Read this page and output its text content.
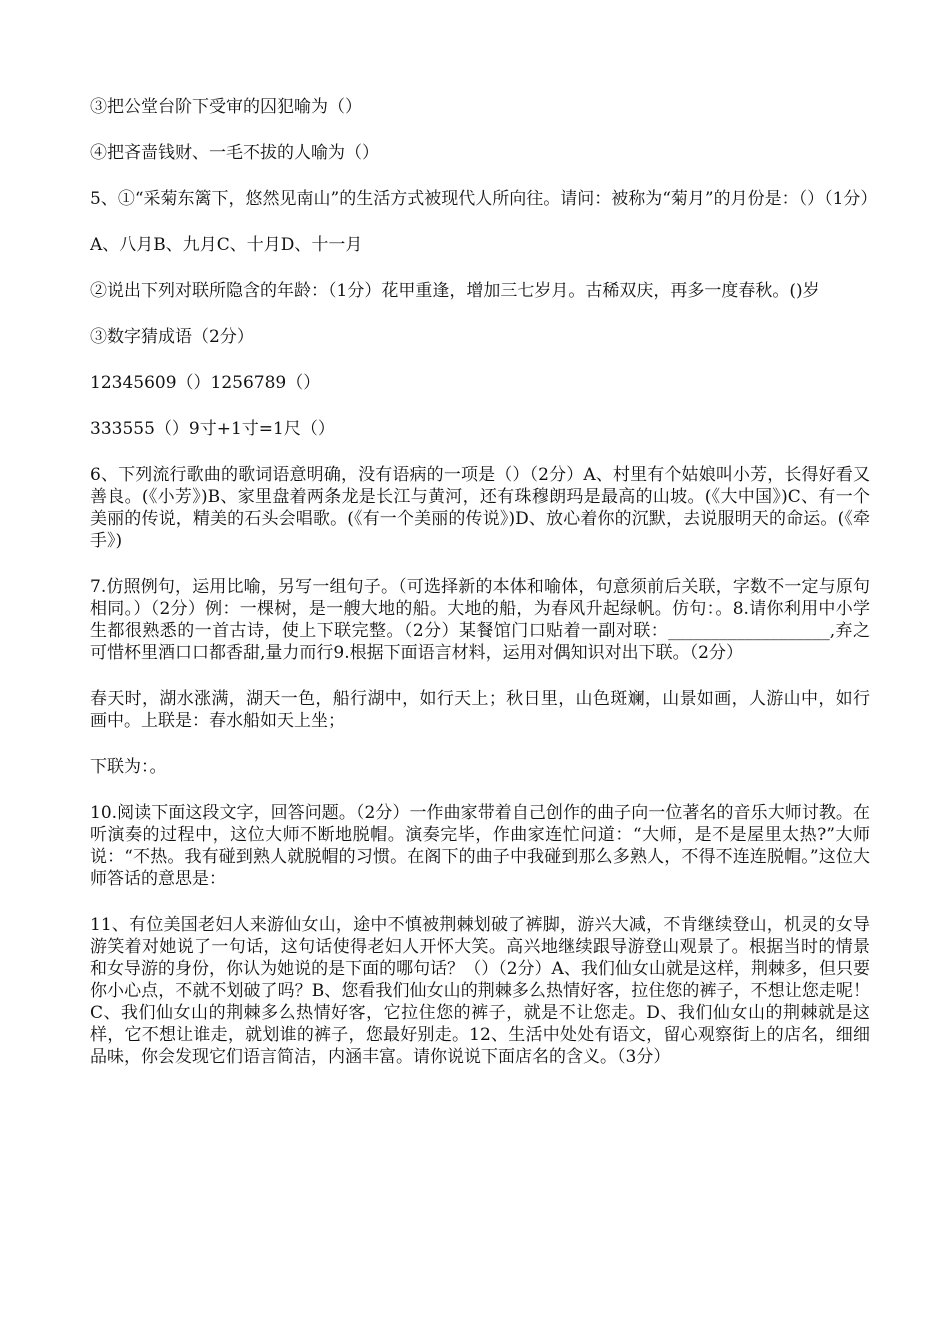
③把公堂台阶下受审的囚犯喻为（）

④把吝啬钱财、一毛不拔的人喻为（）

5、①“采菊东篱下，悠然见南山”的生活方式被现代人所向往。请问：被称为“菊月”的月份是：（）（1分）

A、八月B、九月C、十月D、十一月

②说出下列对联所隐含的年龄：（1分）花甲重逢，增加三七岁月。古稀双庆，再多一度春秋。()岁

③数字猜成语（2分）

12345609（）1256789（）

333555（）9寸+1寸=1尺（）

6、下列流行歌曲的歌词语意明确，没有语病的一项是（）（2分）A、村里有个姑娘叫小芳，长得好看又善良。(《小芳》)B、家里盘着两条龙是长江与黄河，还有珠穆朗玛是最高的山坡。(《大中国》)C、有一个美丽的传说，精美的石头会唱歌。(《有一个美丽的传说》)D、放心着你的沉默，去说服明天的命运。(《牵手》)

7.仿照例句，运用比喻，另写一组句子。（可选择新的本体和喻体，句意须前后关联，字数不一定与原句相同。）（2分）例：一棵树，是一艘大地的船。大地的船，为春风升起绿帆。仿句：。8.请你利用中小学生都很熟悉的一首古诗，使上下联完整。（2分）某餐馆门口贴着一副对联：___________________,弃之可惜杯里酒口口都香甜,量力而行9.根据下面语言材料，运用对偶知识对出下联。（2分）

春天时，湖水涨满，湖天一色，船行湖中，如行天上；秋日里，山色斑斓，山景如画，人游山中，如行画中。上联是：春水船如天上坐；

下联为：。

10.阅读下面这段文字，回答问题。（2分）一作曲家带着自己创作的曲子向一位著名的音乐大师讨教。在听演奏的过程中，这位大师不断地脱帽。演奏完毕，作曲家连忙问道：“大师，是不是屋里太热?”大师说：“不热。我有碰到熟人就脱帽的习惯。在阁下的曲子中我碰到那么多熟人，不得不连连脱帽。”这位大师答话的意思是：

11、有位美国老妇人来游仙女山，途中不慎被荆棘划破了裤脚，游兴大减，不肯继续登山，机灵的女导游笑着对她说了一句话，这句话使得老妇人开怀大笑。高兴地继续跟导游登山观景了。根据当时的情景和女导游的身份，你认为她说的是下面的哪句话？（）（2分）A、我们仙女山就是这样，荆棘多，但只要你小心点，不就不划破了吗？B、您看我们仙女山的荆棘多么热情好客，拉住您的裤子，不想让您走呢！C、我们仙女山的荆棘多么热情好客，它拉住您的裤子，就是不让您走。D、我们仙女山的荆棘就是这样，它不想让谁走，就划谁的裤子，您最好别走。12、生活中处处有语文，留心观察街上的店名，细细品味，你会发现它们语言简洁，内涵丰富。请你说说下面店名的含义。（3分）
